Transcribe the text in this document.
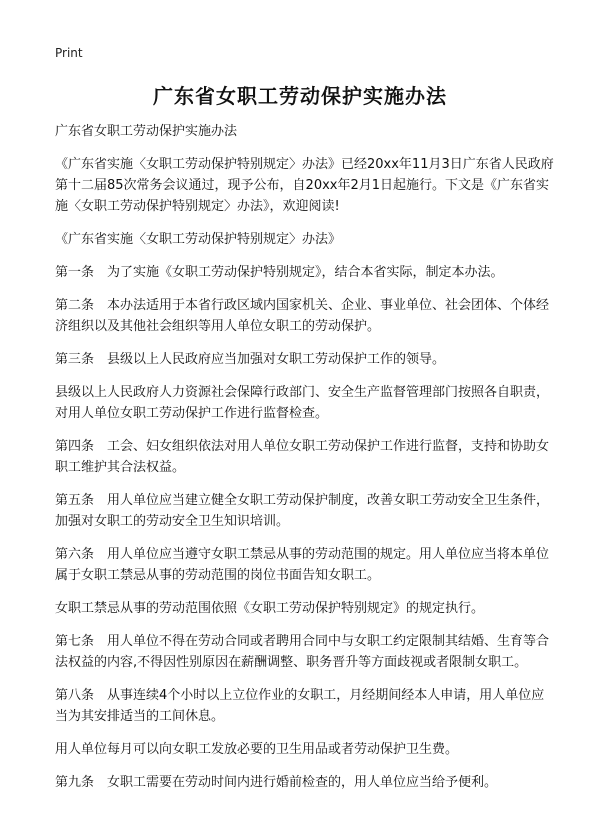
Print
广东省女职工劳动保护实施办法

广东省女职工劳动保护实施办法

《广东省实施〈女职工劳动保护特别规定〉办法》已经20xx年11月3日广东省人民政府第十二届85次常务会议通过，现予公布，自20xx年2月1日起施行。下文是《广东省实施〈女职工劳动保护特别规定〉办法》，欢迎阅读!

《广东省实施〈女职工劳动保护特别规定〉办法》

第一条　为了实施《女职工劳动保护特别规定》，结合本省实际，制定本办法。

第二条　本办法适用于本省行政区域内国家机关、企业、事业单位、社会团体、个体经济组织以及其他社会组织等用人单位女职工的劳动保护。

第三条　县级以上人民政府应当加强对女职工劳动保护工作的领导。

县级以上人民政府人力资源社会保障行政部门、安全生产监督管理部门按照各自职责，对用人单位女职工劳动保护工作进行监督检查。

第四条　工会、妇女组织依法对用人单位女职工劳动保护工作进行监督，支持和协助女职工维护其合法权益。

第五条　用人单位应当建立健全女职工劳动保护制度，改善女职工劳动安全卫生条件，加强对女职工的劳动安全卫生知识培训。

第六条　用人单位应当遵守女职工禁忌从事的劳动范围的规定。用人单位应当将本单位属于女职工禁忌从事的劳动范围的岗位书面告知女职工。

女职工禁忌从事的劳动范围依照《女职工劳动保护特别规定》的规定执行。

第七条　用人单位不得在劳动合同或者聘用合同中与女职工约定限制其结婚、生育等合法权益的内容,不得因性别原因在薪酬调整、职务晋升等方面歧视或者限制女职工。

第八条　从事连续4个小时以上立位作业的女职工，月经期间经本人申请，用人单位应当为其安排适当的工间休息。

用人单位每月可以向女职工发放必要的卫生用品或者劳动保护卫生费。

第九条　女职工需要在劳动时间内进行婚前检查的，用人单位应当给予便利。
